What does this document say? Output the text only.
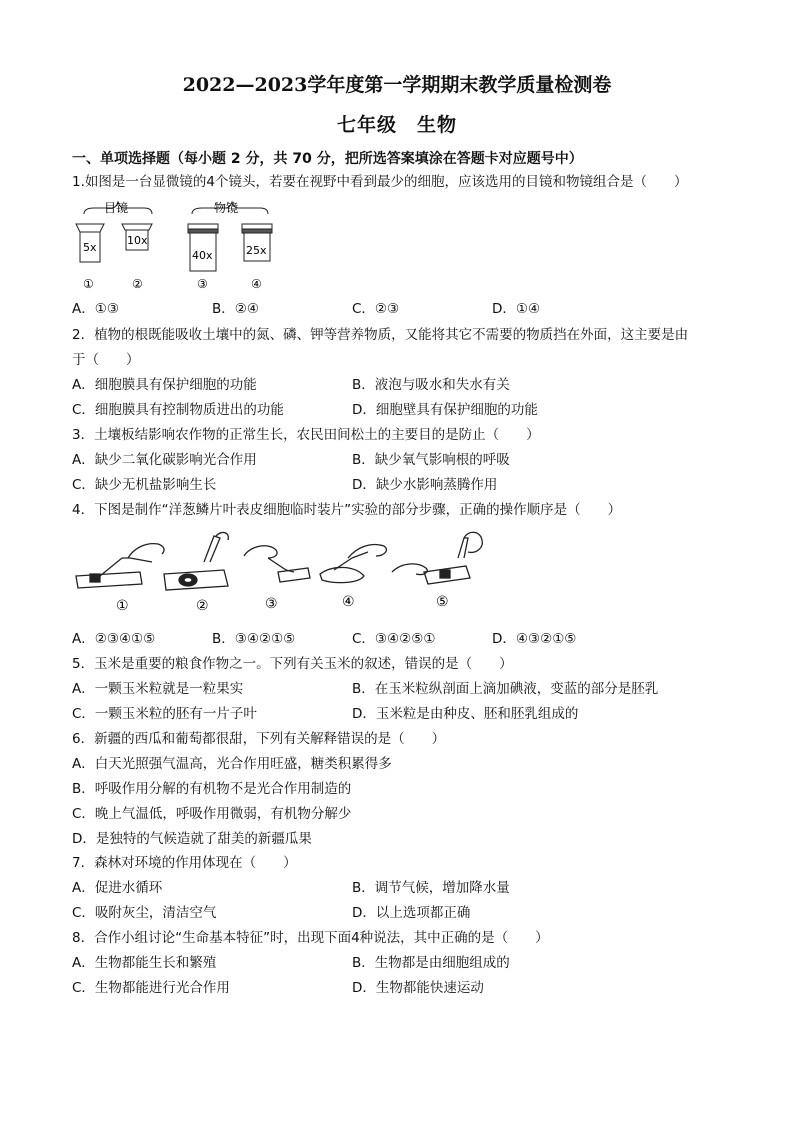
2022—2023学年度第一学期期末教学质量检测卷
七年级　生物
一、单项选择题（每小题 2 分，共 70 分，把所选答案填涂在答题卡对应题号中）
1.如图是一台显微镜的4个镜头，若要在视野中看到最少的细胞，应该选用的目镜和物镜组合是（　　）
目镜	物镜
5x
10x
40x	25x
①	②	③	④
A．①③	B．②④	C．②③	D．①④
2．植物的根既能吸收土壤中的氮、磷、钾等营养物质，又能将其它不需要的物质挡在外面，这主要是由
于（　　）
A．细胞膜具有保护细胞的功能	B．液泡与吸水和失水有关
C．细胞膜具有控制物质进出的功能	D．细胞壁具有保护细胞的功能
3．土壤板结影响农作物的正常生长，农民田间松土的主要目的是防止（　　）
A．缺少二氧化碳影响光合作用	B．缺少氧气影响根的呼吸
C．缺少无机盐影响生长	D．缺少水影响蒸腾作用
4．下图是制作“洋葱鳞片叶表皮细胞临时装片”实验的部分步骤，正确的操作顺序是（　　）
①	②	③	④	⑤
A．②③④①⑤	B．③④②①⑤	C．③④②⑤①	D．④③②①⑤
5．玉米是重要的粮食作物之一。下列有关玉米的叙述，错误的是（　　）
A．一颗玉米粒就是一粒果实	B．在玉米粒纵剖面上滴加碘液，变蓝的部分是胚乳
C．一颗玉米粒的胚有一片子叶	D．玉米粒是由种皮、胚和胚乳组成的
6．新疆的西瓜和葡萄都很甜，下列有关解释错误的是（　　）
A．白天光照强气温高，光合作用旺盛，糖类积累得多
B．呼吸作用分解的有机物不是光合作用制造的
C．晚上气温低，呼吸作用微弱，有机物分解少
D．是独特的气候造就了甜美的新疆瓜果
7．森林对环境的作用体现在（　　）
A．促进水循环	B．调节气候，增加降水量
C．吸附灰尘，清洁空气	D．以上选项都正确
8．合作小组讨论“生命基本特征”时，出现下面4种说法，其中正确的是（　　）
A．生物都能生长和繁殖	B．生物都是由细胞组成的
C．生物都能进行光合作用	D．生物都能快速运动
